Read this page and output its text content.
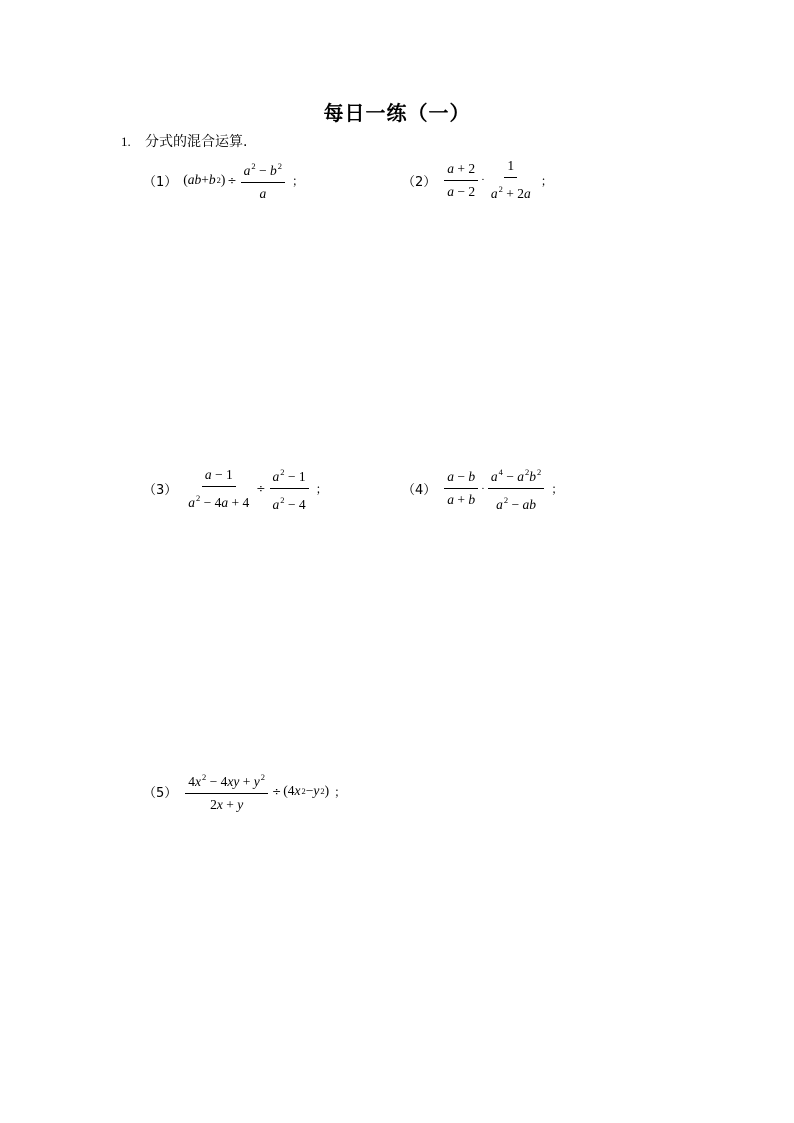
每日一练（一）
1. 分式的混合运算.
（1） ( ab + b 2 ) ÷ $\frac{a^2 - b^2}{a}$ ；	$(2) \frac{a + 2}{a - 2} \cdot \frac{1}{a^2 + 2a}$ ；
$(3) \frac{a - 1}{a^2 - 4a + 4} \div \frac{a^2 - 1}{a^2 - 4}$ ；	$(4) \frac{a - b}{a + b} \cdot \frac{a^4 - a^2b^2}{a^2 - ab}$ ；
$(5) \frac{4x^2 - 4xy + y^2}{2x + y} \div (4$ x 2 − y 2 ) ；
